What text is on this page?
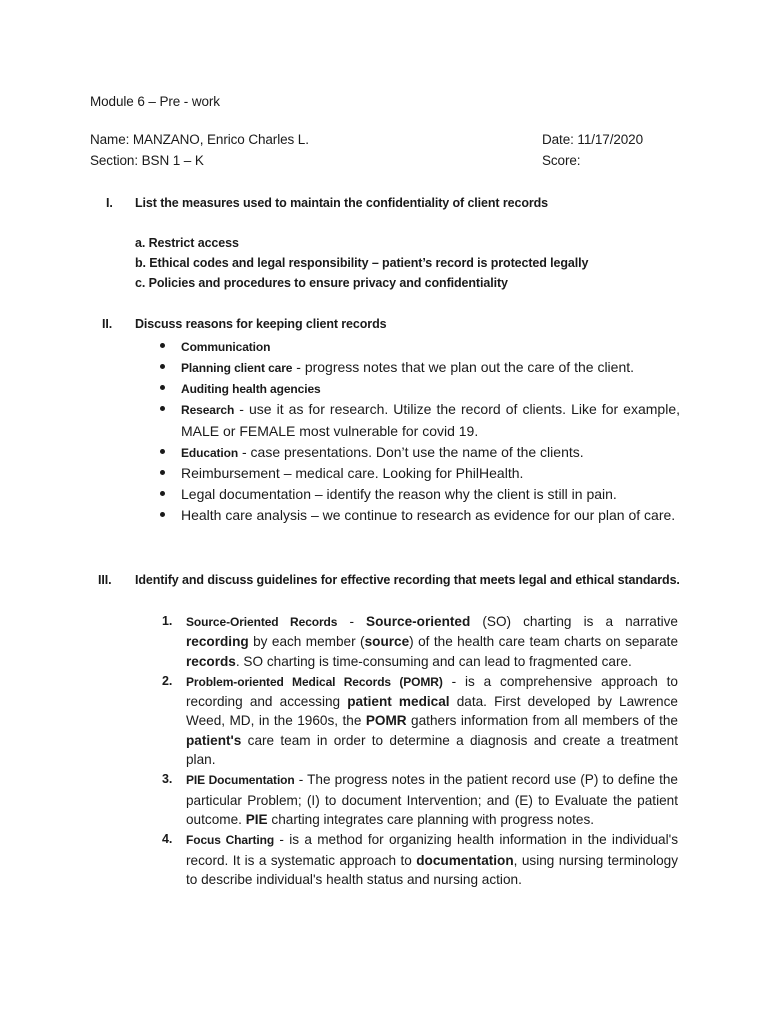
Module 6 – Pre - work
Name: MANZANO, Enrico Charles L.	Date: 11/17/2020
Section: BSN 1 – K	Score:
I. List the measures used to maintain the confidentiality of client records
a. Restrict access
b. Ethical codes and legal responsibility – patient’s record is protected legally
c. Policies and procedures to ensure privacy and confidentiality
II. Discuss reasons for keeping client records
Communication
Planning client care - progress notes that we plan out the care of the client.
Auditing health agencies
Research - use it as for research. Utilize the record of clients. Like for example, MALE or FEMALE most vulnerable for covid 19.
Education - case presentations. Don’t use the name of the clients.
Reimbursement – medical care. Looking for PhilHealth.
Legal documentation – identify the reason why the client is still in pain.
Health care analysis – we continue to research as evidence for our plan of care.
III. Identify and discuss guidelines for effective recording that meets legal and ethical standards.
1. Source-Oriented Records - Source-oriented (SO) charting is a narrative recording by each member (source) of the health care team charts on separate records. SO charting is time-consuming and can lead to fragmented care.
2. Problem-oriented Medical Records (POMR) - is a comprehensive approach to recording and accessing patient medical data. First developed by Lawrence Weed, MD, in the 1960s, the POMR gathers information from all members of the patient's care team in order to determine a diagnosis and create a treatment plan.
3. PIE Documentation - The progress notes in the patient record use (P) to define the particular Problem; (I) to document Intervention; and (E) to Evaluate the patient outcome. PIE charting integrates care planning with progress notes.
4. Focus Charting - is a method for organizing health information in the individual's record. It is a systematic approach to documentation, using nursing terminology to describe individual's health status and nursing action.
